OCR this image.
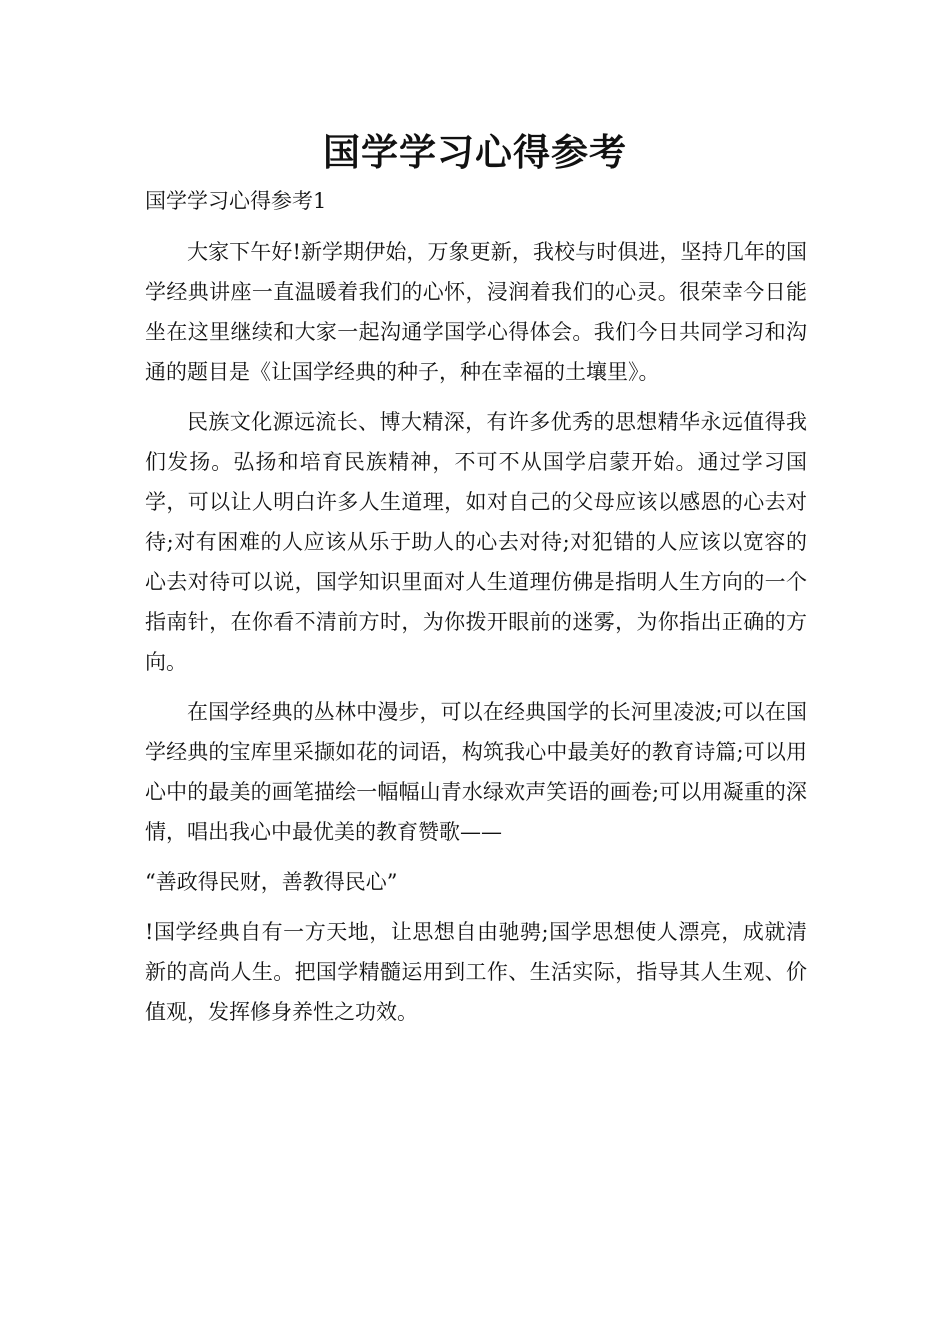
国学学习心得参考

国学学习心得参考1

大家下午好!新学期伊始，万象更新，我校与时俱进，坚持几年的国学经典讲座一直温暖着我们的心怀，浸润着我们的心灵。很荣幸今日能坐在这里继续和大家一起沟通学国学心得体会。我们今日共同学习和沟通的题目是《让国学经典的种子，种在幸福的土壤里》。

民族文化源远流长、博大精深，有许多优秀的思想精华永远值得我们发扬。弘扬和培育民族精神，不可不从国学启蒙开始。通过学习国学，可以让人明白许多人生道理，如对自己的父母应该以感恩的心去对待;对有困难的人应该从乐于助人的心去对待;对犯错的人应该以宽容的心去对待可以说，国学知识里面对人生道理仿佛是指明人生方向的一个指南针，在你看不清前方时，为你拨开眼前的迷雾，为你指出正确的方向。

在国学经典的丛林中漫步，可以在经典国学的长河里凌波;可以在国学经典的宝库里采撷如花的词语，构筑我心中最美好的教育诗篇;可以用心中的最美的画笔描绘一幅幅山青水绿欢声笑语的画卷;可以用凝重的深情，唱出我心中最优美的教育赞歌——

“善政得民财，善教得民心”

!国学经典自有一方天地，让思想自由驰骋;国学思想使人漂亮，成就清新的高尚人生。把国学精髓运用到工作、生活实际，指导其人生观、价值观，发挥修身养性之功效。
